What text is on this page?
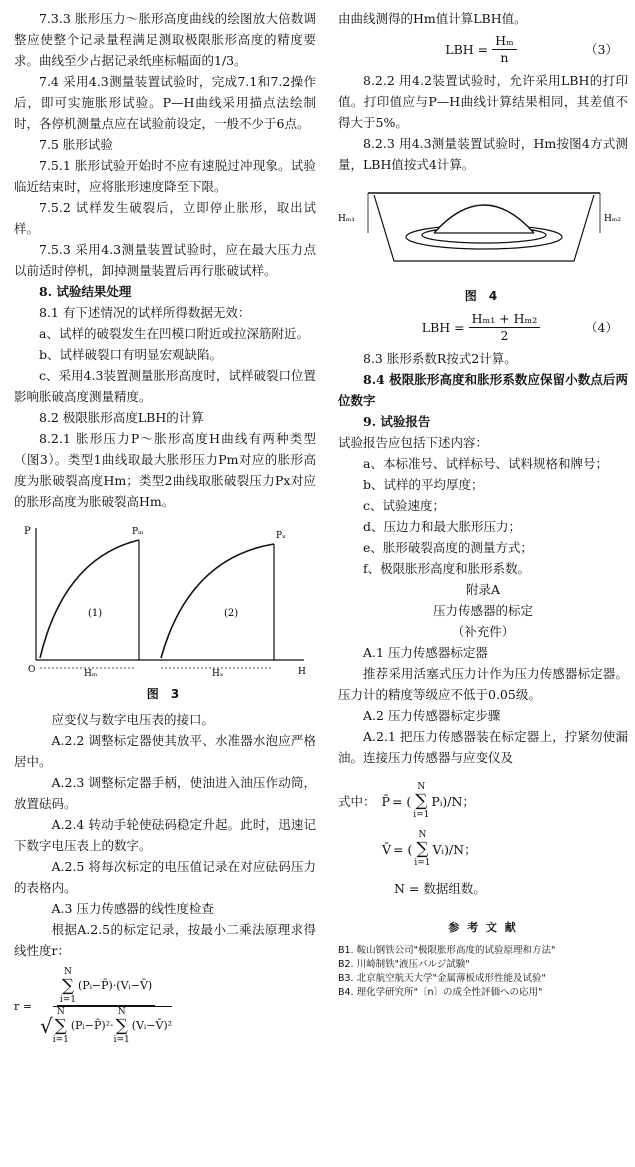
7.3.3 胀形压力～胀形高度曲线的绘图放大倍数调整应使整个记录量程满足测取极限胀形高度的精度要求。曲线至少占据记录纸座标幅面的1/3。

7.4 采用4.3测量装置试验时，完成7.1和7.2操作后，即可实施胀形试验。P—H曲线采用描点法绘制时，各停机测量点应在试验前设定，一般不少于6点。

7.5 胀形试验

7.5.1 胀形试验开始时不应有速脱过冲现象。试验临近结束时，应将胀形速度降至下限。

7.5.2 试样发生破裂后，立即停止胀形，取出试样。

7.5.3 采用4.3测量装置试验时，应在最大压力点以前适时停机，卸掉测量装置后再行胀破试样。

8. 试验结果处理

8.1 有下述情况的试样所得数据无效：

a、试样的破裂发生在凹模口附近或拉深筋附近。

b、试样破裂口有明显宏观缺陷。

c、采用4.3装置测量胀形高度时，试样破裂口位置影响胀破高度测量精度。

8.2 极限胀形高度LBH的计算

8.2.1 胀形压力P～胀形高度H曲线有两种类型（图3）。类型1曲线取最大胀形压力Pm对应的胀形高度为胀破裂高度Hm；类型2曲线取胀破裂压力Px对应的胀形高度为胀破裂高Hm。

P	Pₘ	Pₓ
(1)	(2)
Hₘ	Hₓ	H
O
图 3

应变仪与数字电压表的接口。

A.2.2 调整标定器使其放平、水准器水泡应严格居中。

A.2.3 调整标定器手柄，使油进入油压作动筒，放置砝码。

A.2.4 转动手轮使砝码稳定升起。此时，迅速记下数字电压表上的数字。

A.2.5 将每次标定的电压值记录在对应砝码压力的表格内。

A.3 压力传感器的线性度检查

根据A.2.5的标定记录，按最小二乘法原理求得线性度r：

r =
N
∑
i=1
(Pᵢ−P̄)·(Vᵢ−V̄)
√
N
∑
i=1
(Pᵢ−P̄)²·
N
∑
i=1
(Vᵢ−V̄)²

由曲线测得的Hm值计算LBH值。

LBH = $\frac{\text{Hₘ}}{n}$	（3）

8.2.2 用4.2装置试验时，允许采用LBH的打印值。打印值应与P—H曲线计算结果相同，其差值不得大于5%。

8.2.3 用4.3测量装置试验时，Hm按图4方式测量，LBH值按式4计算。

Hₘ₁	Hₘ₂
图 4
LBH = $\frac{\text{Hₘ₁ + Hₘ₂}}{2}$	（4）

8.3 胀形系数R按式2计算。

8.4 极限胀形高度和胀形系数应保留小数点后两位数字

9. 试验报告

试验报告应包括下述内容：

a、本标准号、试样标号、试料规格和牌号；

b、试样的平均厚度；

c、试验速度；

d、压边力和最大胀形压力；

e、胀形破裂高度的测量方式；

f、极限胀形高度和胀形系数。

附录A

压力传感器的标定

（补充件）

A.1 压力传感器标定器

推荐采用活塞式压力计作为压力传感器标定器。压力计的精度等级应不低于0.05级。

A.2 压力传感器标定步骤

A.2.1 把压力传感器装在标定器上，拧紧勿使漏油。连接压力传感器与应变仪及

式中： P̄ = (
N
∑
i=1
Pᵢ )/N；
V̄ = (
N
∑
i=1
Vᵢ )/N；

N = 数据组数。

参 考 文 献

B1. 鞍山钢铁公司"极限胀形高度的试验原理和方法"

B2. 川崎制铁"液压バルジ試験"

B3. 北京航空航天大学"金属薄板成形性能及试验"

B4. 理化学研究所"〔n〕の成全性評価への応用"
